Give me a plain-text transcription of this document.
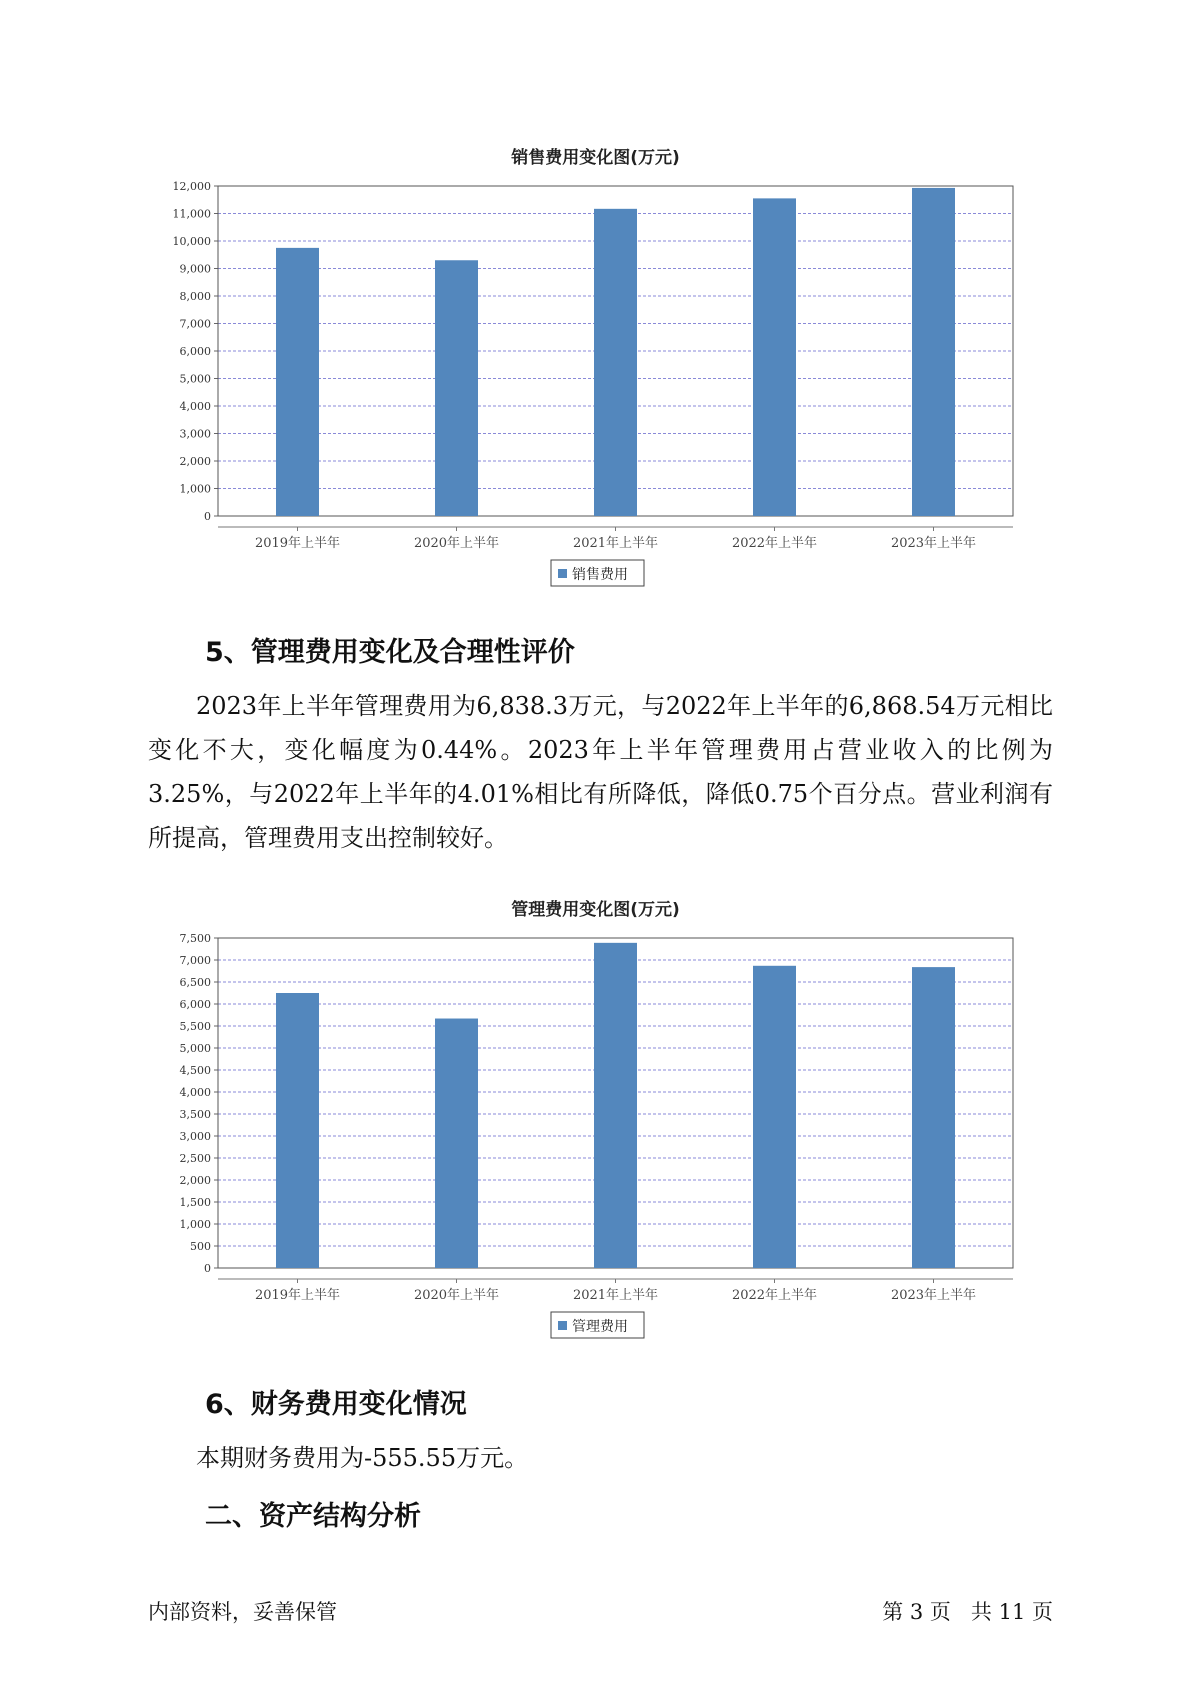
销售费用变化图(万元)
0
1,000
2,000
3,000
4,000
5,000
6,000
7,000
8,000
9,000
10,000
11,000
12,000
2019年上半年	2020年上半年	2021年上半年	2022年上半年	2023年上半年
销售费用
5、管理费用变化及合理性评价

2023年上半年管理费用为6,838.3万元，与2022年上半年的6,868.54万元相比变化不大，变化幅度为0.44%。2023年上半年管理费用占营业收入的比例为3.25%，与2022年上半年的4.01%相比有所降低，降低0.75个百分点。营业利润有所提高，管理费用支出控制较好。

管理费用变化图(万元)
0
500
1,000
1,500
2,000
2,500
3,000
3,500
4,000
4,500
5,000
5,500
6,000
6,500
7,000
7,500
2019年上半年	2020年上半年	2021年上半年	2022年上半年	2023年上半年
管理费用
6、财务费用变化情况

本期财务费用为-555.55万元。

二、资产结构分析
内部资料，妥善保管	第 3 页   共 11 页
